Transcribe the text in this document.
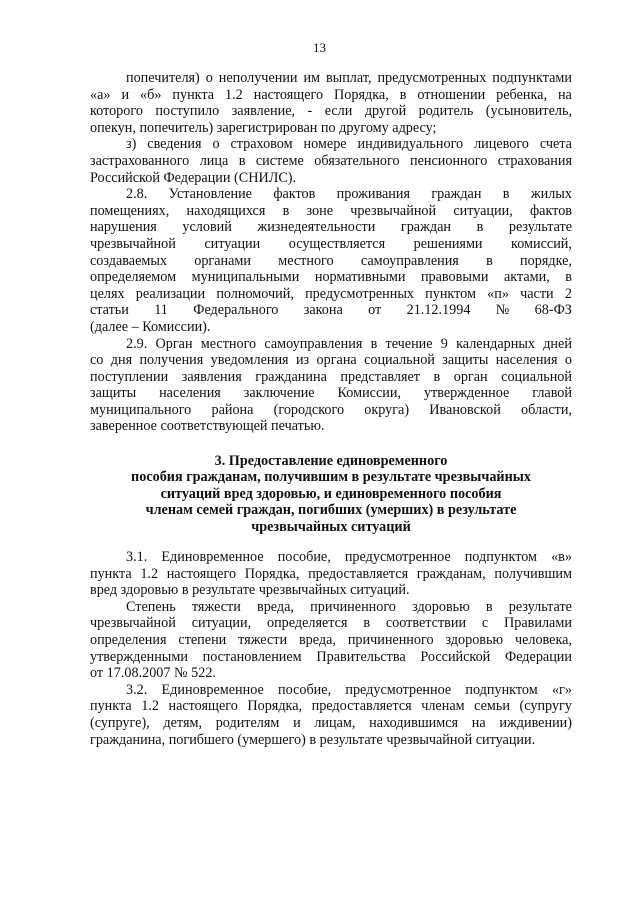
13
попечителя) о неполучении им выплат, предусмотренных подпунктами
«а» и «б» пункта 1.2 настоящего Порядка, в отношении ребенка, на
которого поступило заявление, - если другой родитель (усыновитель,
опекун, попечитель) зарегистрирован по другому адресу;
з) сведения о страховом номере индивидуального лицевого счета
застрахованного лица в системе обязательного пенсионного страхования
Российской Федерации (СНИЛС).
2.8. Установление фактов проживания граждан в жилых
помещениях, находящихся в зоне чрезвычайной ситуации, фактов
нарушения условий жизнедеятельности граждан в результате
чрезвычайной ситуации осуществляется решениями комиссий,
создаваемых органами местного самоуправления в порядке,
определяемом муниципальными нормативными правовыми актами, в
целях реализации полномочий, предусмотренных пунктом «п» части 2
статьи 11 Федерального закона от 21.12.1994 № 68-ФЗ
(далее – Комиссии).
2.9. Орган местного самоуправления в течение 9 календарных дней
со дня получения уведомления из органа социальной защиты населения о
поступлении заявления гражданина представляет в орган социальной
защиты населения заключение Комиссии, утвержденное главой
муниципального района (городского округа) Ивановской области,
заверенное соответствующей печатью.
3. Предоставление единовременного
пособия гражданам, получившим в результате чрезвычайных
ситуаций вред здоровью, и единовременного пособия
членам семей граждан, погибших (умерших) в результате
чрезвычайных ситуаций
3.1. Единовременное пособие, предусмотренное подпунктом «в»
пункта 1.2 настоящего Порядка, предоставляется гражданам, получившим
вред здоровью в результате чрезвычайных ситуаций.
Степень тяжести вреда, причиненного здоровью в результате
чрезвычайной ситуации, определяется в соответствии с Правилами
определения степени тяжести вреда, причиненного здоровью человека,
утвержденными постановлением Правительства Российской Федерации
от 17.08.2007 № 522.
3.2. Единовременное пособие, предусмотренное подпунктом «г»
пункта 1.2 настоящего Порядка, предоставляется членам семьи (супругу
(супруге), детям, родителям и лицам, находившимся на иждивении)
гражданина, погибшего (умершего) в результате чрезвычайной ситуации.
